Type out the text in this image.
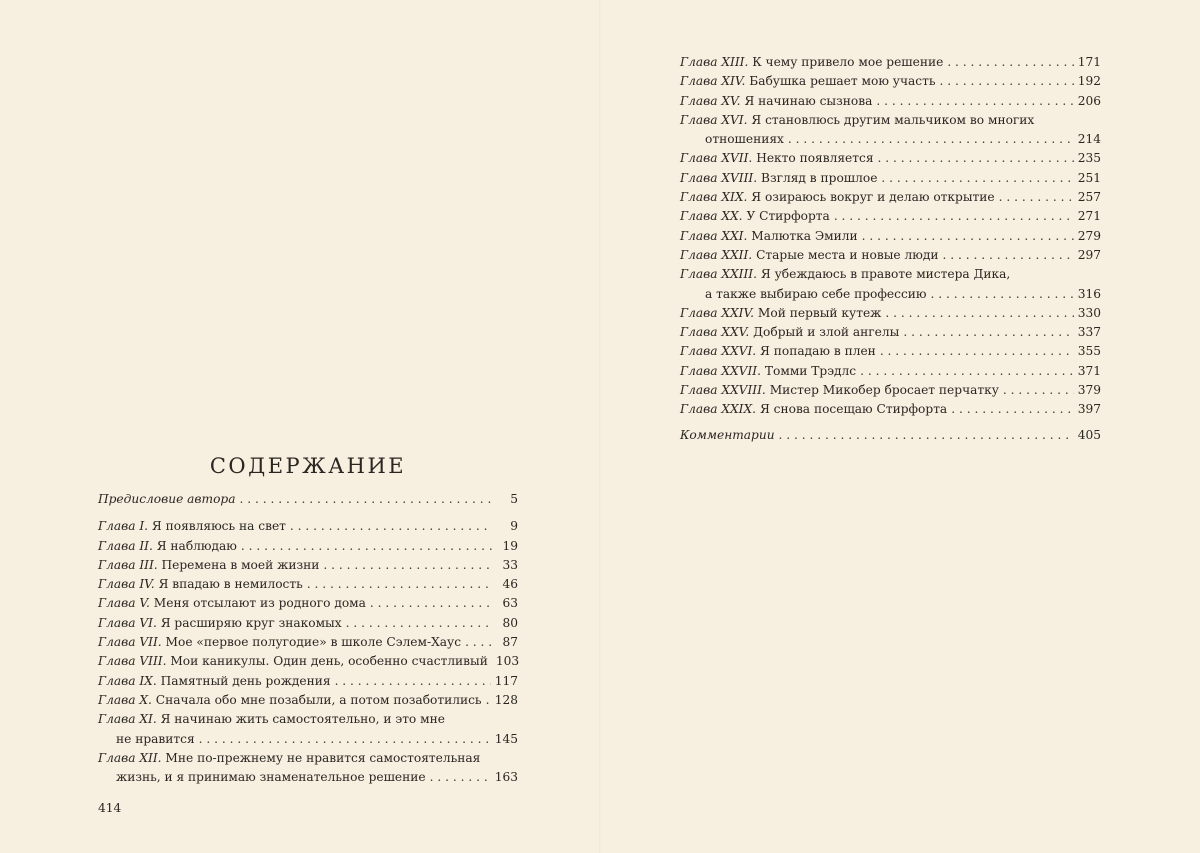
СОДЕРЖАНИЕ
Предисловие автора . . .	5
Глава I. Я появляюсь на свет . . .	9
Глава II. Я наблюдаю . . .	19
Глава III. Перемена в моей жизни . . .	33
Глава IV. Я впадаю в немилость . . .	46
Глава V. Меня отсылают из родного дома . . .	63
Глава VI. Я расширяю круг знакомых . . .	80
Глава VII. Мое «первое полугодие» в школе Сэлем-Хаус . . .	87
Глава VIII. Мои каникулы. Один день, особенно счастливый 103
Глава IX. Памятный день рождения . . .	117
Глава X. Сначала обо мне позабыли, а потом позаботились . . . 128
Глава XI. Я начинаю жить самостоятельно, и это мне
не нравится . . .	145
Глава XII. Мне по-прежнему не нравится самостоятельная
жизнь, и я принимаю знаменательное решение . . .	163
Глава XIII. К чему привело мое решение . . .	171
Глава XIV. Бабушка решает мою участь . . .	192
Глава XV. Я начинаю сызнова . . .	206
Глава XVI. Я становлюсь другим мальчиком во многих
отношениях . . .	214
Глава XVII. Некто появляется . . .	235
Глава XVIII. Взгляд в прошлое . . .	251
Глава XIX. Я озираюсь вокруг и делаю открытие . . .	257
Глава XX. У Стирфорта . . .	271
Глава XXI. Малютка Эмили . . .	279
Глава XXII. Старые места и новые люди . . .	297
Глава XXIII. Я убеждаюсь в правоте мистера Дика,
а также выбираю себе профессию . . .	316
Глава XXIV. Мой первый кутеж . . .	330
Глава XXV. Добрый и злой ангелы . . .	337
Глава XXVI. Я попадаю в плен . . .	355
Глава XXVII. Томми Трэдлс . . .	371
Глава XXVIII. Мистер Микобер бросает перчатку . . .	379
Глава XXIX. Я снова посещаю Стирфорта . . .	397
Комментарии . . .	405
414
